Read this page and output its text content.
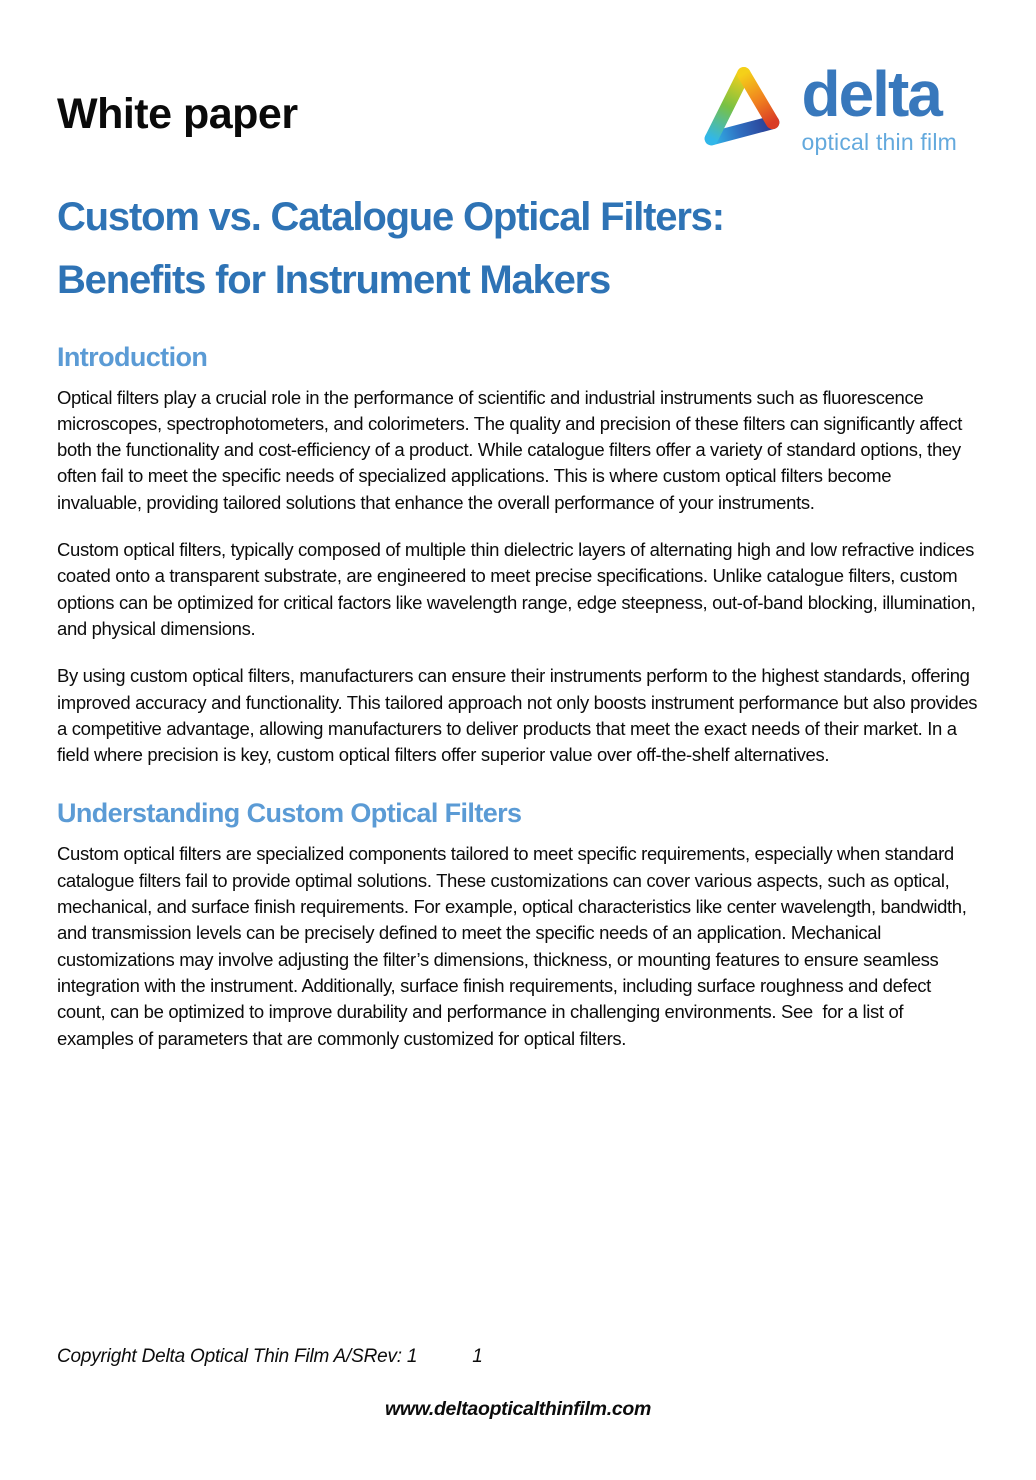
White paper	delta
optical thin film
Custom vs. Catalogue Optical Filters:
Benefits for Instrument Makers
Introduction

Optical filters play a crucial role in the performance of scientific and industrial instruments such as fluorescence microscopes, spectrophotometers, and colorimeters. The quality and precision of these filters can significantly affect both the functionality and cost-efficiency of a product. While catalogue filters offer a variety of standard options, they often fail to meet the specific needs of specialized applications. This is where custom optical filters become invaluable, providing tailored solutions that enhance the overall performance of your instruments.

Custom optical filters, typically composed of multiple thin dielectric layers of alternating high and low refractive indices coated onto a transparent substrate, are engineered to meet precise specifications. Unlike catalogue filters, custom options can be optimized for critical factors like wavelength range, edge steepness, out-of-band blocking, illumination, and physical dimensions.

By using custom optical filters, manufacturers can ensure their instruments perform to the highest standards, offering improved accuracy and functionality. This tailored approach not only boosts instrument performance but also provides a competitive advantage, allowing manufacturers to deliver products that meet the exact needs of their market. In a field where precision is key, custom optical filters offer superior value over off-the-shelf alternatives.

Understanding Custom Optical Filters

Custom optical filters are specialized components tailored to meet specific requirements, especially when standard catalogue filters fail to provide optimal solutions. These customizations can cover various aspects, such as optical, mechanical, and surface finish requirements. For example, optical characteristics like center wavelength, bandwidth, and transmission levels can be precisely defined to meet the specific needs of an application. Mechanical customizations may involve adjusting the filter’s dimensions, thickness, or mounting features to ensure seamless integration with the instrument. Additionally, surface finish requirements, including surface roughness and defect count, can be optimized to improve durability and performance in challenging environments. See  for a list of examples of parameters that are commonly customized for optical filters.

Copyright Delta Optical Thin Film A/S Rev: 1	1
www.deltaopticalthinfilm.com
